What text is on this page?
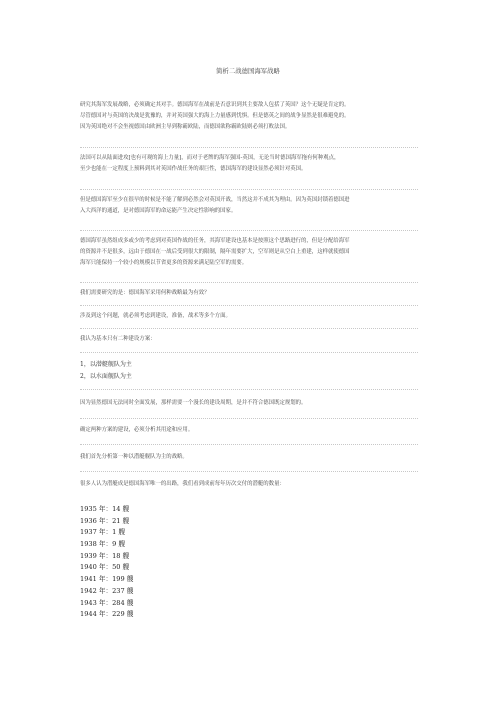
简析二战德国海军战略

研究其海军发展战略，必须确定其对手。德国海军在战前是否意识到其主要敌人包括了英国？这个无疑是肯定的。

尽管德国对与英国的决战是犹豫的，并对英国强大的海上力量感到忧惧。但是德英之间的战争显然是很难避免的。

因为英国绝对不会坐视德国由欧洲主导到称霸欧陆，而德国欲称霸欧陆则必须打败法国。

法国可以从陆面进攻[也有可观的海上力量]，而对于老牌的海军强国-英国，无论当时德国海军拖有何种观点，

至少也能在一定程度上预料到其对英国作战任务的艰巨性，德国海军的建设显然必须针对英国。

但是德国海军至少在很早的时候是不能了解到必然会对英国开战，当然这并不成其为理由。因为英国封锁着德国进

入大西洋的通道，是对德国海军的命运能产生决定性影响的国家。

德国海军虽然组成多或少的考虑到对英国作战的任务，其海军建设也基本是按照这个思路进行的，但是分配给海军

的资源并不是很多，远由于德国在一战后受到很大的限制，隔年需要扩大，空军则是从空白上重建，这样就使德国

海军只能保持一个较小的规模以节省更多的资源来满足陆空军的需要。

我们需要研究的是：德国海军采用何种战略最为有效？

涉及到这个问题，就必须考虑到建设，准备，战术等多个方面。

我认为基本只有二种建设方案：

1，以潜艇舰队为主
2，以水面舰队为主

因为显然德国无法同时全面发展，那样需要一个漫长的建设周期，是并不符合德国既定规划的。

确定两种方案的建设，必须分析其用途和应用。

我们首先分析第一种以潜艇舰队为主的战略。

很多人认为潜艇成是德国海军唯一的出路，我们看到成前每年历次交付的潜艇的数量：

1935 年：14 艘
1936 年：21 艘
1937 年：1 艘
1938 年：9 艘
1939 年：18 艘
1940 年：50 艘
1941 年：199 艘
1942 年：237 艘
1943 年：284 艘
1944 年：229 艘
